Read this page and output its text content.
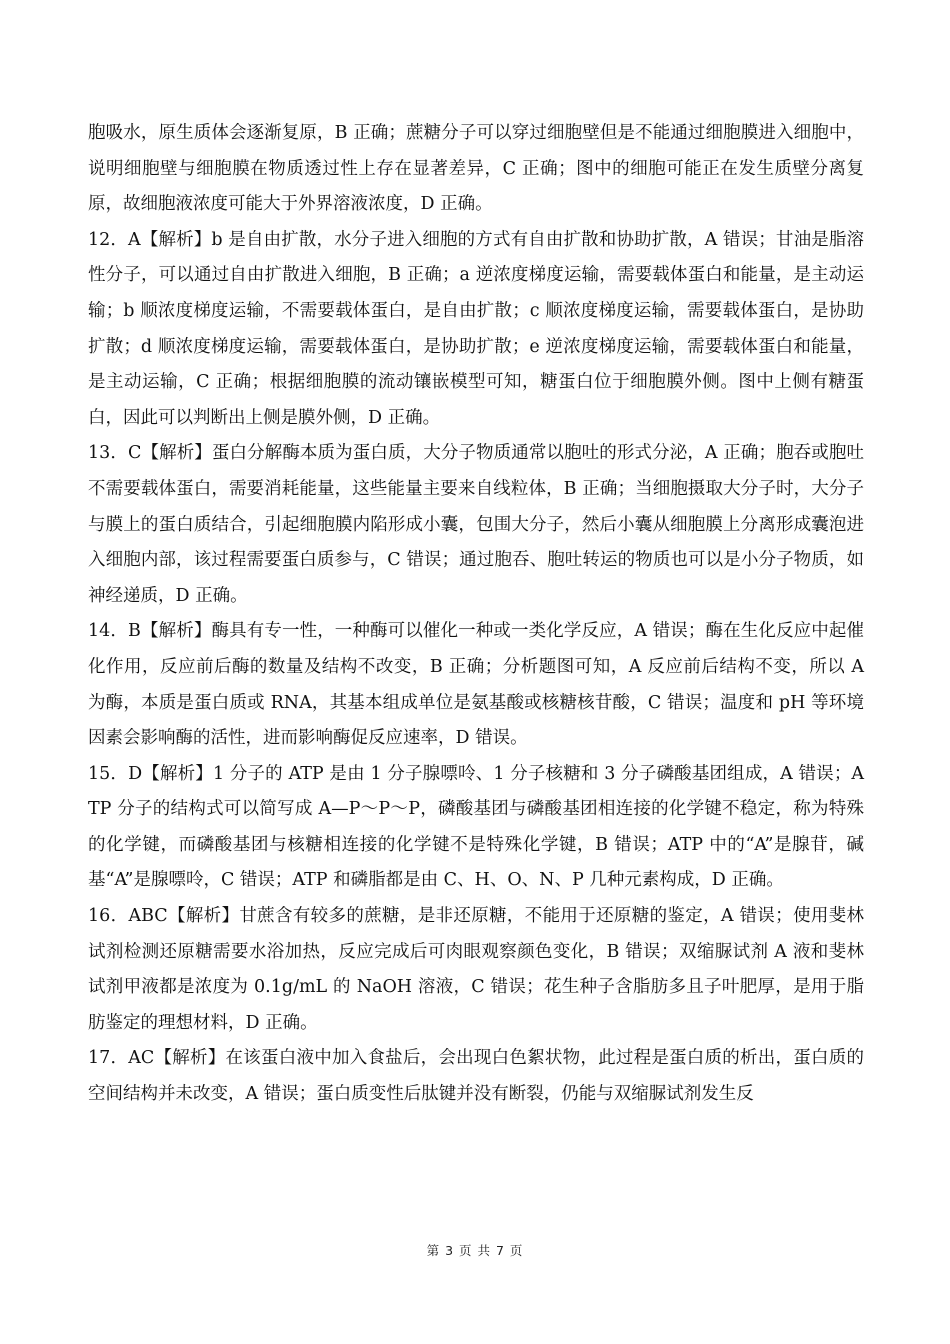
胞吸水，原生质体会逐渐复原，B 正确；蔗糖分子可以穿过细胞壁但是不能通过细胞膜进入细胞中，说明细胞壁与细胞膜在物质透过性上存在显著差异，C 正确；图中的细胞可能正在发生质壁分离复原，故细胞液浓度可能大于外界溶液浓度，D 正确。

12．A【解析】b 是自由扩散，水分子进入细胞的方式有自由扩散和协助扩散，A 错误；甘油是脂溶性分子，可以通过自由扩散进入细胞，B 正确；a 逆浓度梯度运输，需要载体蛋白和能量，是主动运输；b 顺浓度梯度运输，不需要载体蛋白，是自由扩散；c 顺浓度梯度运输，需要载体蛋白，是协助扩散；d 顺浓度梯度运输，需要载体蛋白，是协助扩散；e 逆浓度梯度运输，需要载体蛋白和能量，是主动运输，C 正确；根据细胞膜的流动镶嵌模型可知，糖蛋白位于细胞膜外侧。图中上侧有糖蛋白，因此可以判断出上侧是膜外侧，D 正确。

13．C【解析】蛋白分解酶本质为蛋白质，大分子物质通常以胞吐的形式分泌，A 正确；胞吞或胞吐不需要载体蛋白，需要消耗能量，这些能量主要来自线粒体，B 正确；当细胞摄取大分子时，大分子与膜上的蛋白质结合，引起细胞膜内陷形成小囊，包围大分子，然后小囊从细胞膜上分离形成囊泡进入细胞内部，该过程需要蛋白质参与，C 错误；通过胞吞、胞吐转运的物质也可以是小分子物质，如神经递质，D 正确。

14．B【解析】酶具有专一性，一种酶可以催化一种或一类化学反应，A 错误；酶在生化反应中起催化作用，反应前后酶的数量及结构不改变，B 正确；分析题图可知，A 反应前后结构不变，所以 A 为酶，本质是蛋白质或 RNA，其基本组成单位是氨基酸或核糖核苷酸，C 错误；温度和 pH 等环境因素会影响酶的活性，进而影响酶促反应速率，D 错误。

15．D【解析】1 分子的 ATP 是由 1 分子腺嘌呤、1 分子核糖和 3 分子磷酸基团组成，A 错误；ATP 分子的结构式可以简写成 A—P～P～P，磷酸基团与磷酸基团相连接的化学键不稳定，称为特殊的化学键，而磷酸基团与核糖相连接的化学键不是特殊化学键，B 错误；ATP 中的“A”是腺苷，碱基“A”是腺嘌呤，C 错误；ATP 和磷脂都是由 C、H、O、N、P 几种元素构成，D 正确。

16．ABC【解析】甘蔗含有较多的蔗糖，是非还原糖，不能用于还原糖的鉴定，A 错误；使用斐林试剂检测还原糖需要水浴加热，反应完成后可肉眼观察颜色变化，B 错误；双缩脲试剂 A 液和斐林试剂甲液都是浓度为 0.1g/mL 的 NaOH 溶液，C 错误；花生种子含脂肪多且子叶肥厚，是用于脂肪鉴定的理想材料，D 正确。

17．AC【解析】在该蛋白液中加入食盐后，会出现白色絮状物，此过程是蛋白质的析出，蛋白质的空间结构并未改变，A 错误；蛋白质变性后肽键并没有断裂，仍能与双缩脲试剂发生反

第 3 页 共 7 页
